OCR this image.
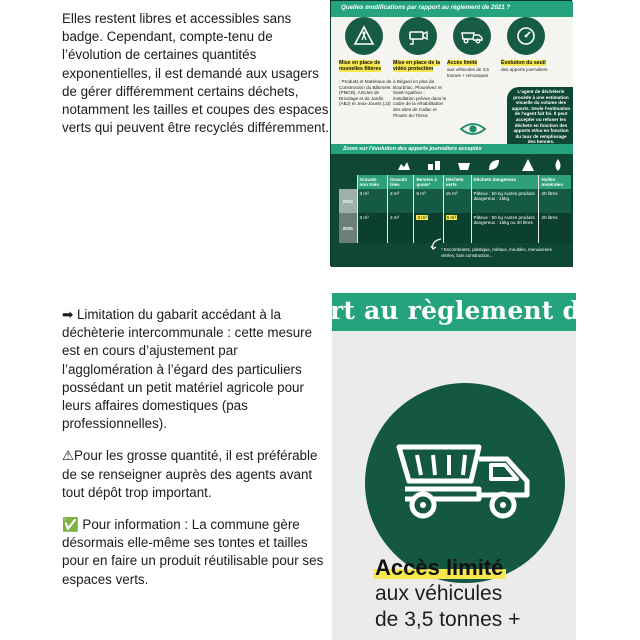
Elles restent libres et accessibles sans badge. Cependant, compte-tenu de l’évolution de certaines quantités exponentielles, il est demandé aux usagers de gérer différemment certains déchets, notamment les tailles et coupes des espaces verts qui peuvent être recyclés différemment.

➡ Limitation du gabarit accédant à la déchèterie intercommunale : cette mesure est en cours d’ajustement par l’agglomération à l’égard des particuliers possédant un petit matériel agricole pour leurs affaires domestiques (pas professionnelles).

⚠Pour les grosse quantité, il est préférable de se renseigner auprès des agents avant tout dépôt trop important.

✅ Pour information : La commune gère désormais elle-même ses tontes et tailles pour en faire un produit réutilisable pour ses espaces verts.

Quelles modifications par rapport au règlement de 2021 ?
Mise en place de nouvelles filières
: Produits et Matériaux de Construction du Bâtiment (PMCB), Articles de Bricolage et de Jardin (ABJ) et Jeux-Jouets (JJ)
Mise en place de la vidéo protection
à Bégard en plus de Bourbriac, Plounévez et Saint-Agathon ; installation prévue dans le cadre de la réhabilitation des sites de Callac et Plouëc-du-Trieux
Accès limité
aux véhicules de 3,5 tonnes + remorques
Évolution du seuil
des apports journaliers
L’agent de déchèterie procède à une estimation visuelle du volume des apports. Seule l’estimation de l’agent fait foi. Il peut accepter ou refuser les déchets en fonction des apports et/ou en fonction du taux de remplissage des bennes.
Zoom sur l’évolution des apports journaliers acceptés
	Gravats non triés	Gravats triés	Bennes à quais*	Déchets verts	Déchets dangereux	Huiles minérales
2024	3 m³	3 m³	5 m³	15 m³	Pâteux : 50 kg Autres produits dangereux : 15kg	20 litres
2025	3 m³	3 m³	3 m³	5 m³	Pâteux : 50 kg Autres produits dangereux : 15kg ou 30 litres	20 litres
* Encombrants, plastique, métaux, meubles, menuiseries vitrées, bois construction...
rt au règlement de 2
Accès limité
aux véhicules
de 3,5 tonnes +
